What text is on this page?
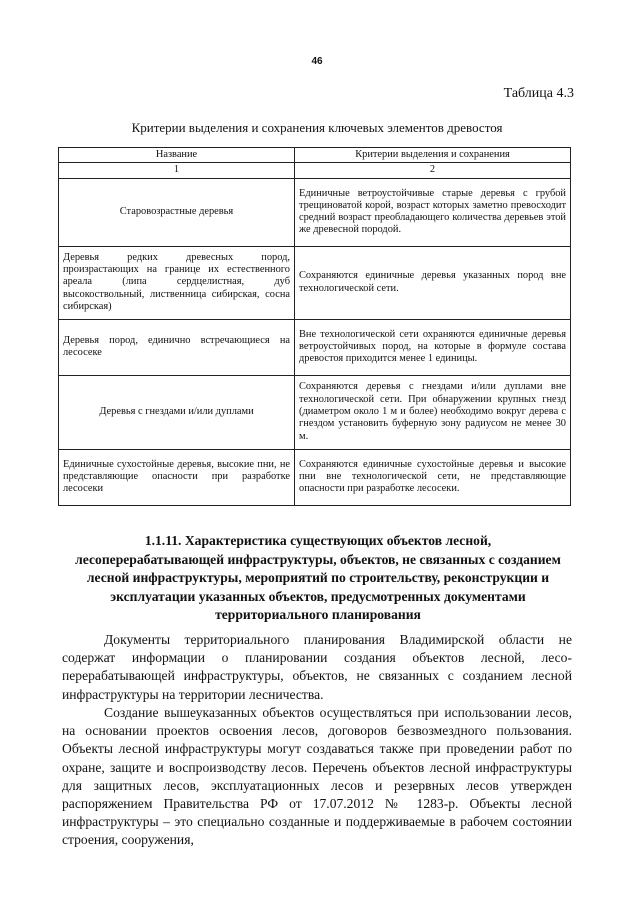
46
Таблица 4.3
Критерии выделения и сохранения ключевых элементов древостоя
Название	Критерии выделения и сохранения
1	2
Старовозрастные деревья	Единичные ветроустойчивые старые деревья с грубой трещиноватой корой, возраст которых заметно превосходит средний возраст преобладающего количества деревьев этой же древесной породой.
Деревья редких древесных пород, произрастающих на границе их естественного ареала (липа сердцелистная, дуб высокоствольный, лиственница сибирская, сосна сибирская)	Сохраняются единичные деревья указанных пород вне технологической сети.
Деревья пород, единично встречающиеся на лесосеке	Вне технологической сети охраняются единичные деревья ветроустойчивых пород, на которые в формуле состава древостоя приходится менее 1 единицы.
Деревья с гнездами и/или дуплами	Сохраняются деревья с гнездами и/или дуплами вне технологической сети. При обнаружении крупных гнезд (диаметром около 1 м и более) необходимо вокруг дерева с гнездом установить буферную зону радиусом не менее 30 м.
Единичные сухостойные деревья, высокие пни, не представляющие опасности при разработке лесосеки	Сохраняются единичные сухостойные деревья и высокие пни вне технологической сети, не представляющие опасности при разработке лесосеки.
1.1.11. Характеристика существующих объектов лесной, лесоперерабатывающей инфраструктуры, объектов, не связанных с созданием лесной инфраструктуры, мероприятий по строительству, реконструкции и эксплуатации указанных объектов, предусмотренных документами территориального планирования

Документы территориального планирования Владимирской области не содержат информации о планировании создания объектов лесной, лесо-перерабатывающей инфраструктуры, объектов, не связанных с созданием лесной инфраструктуры на территории лесничества.

Создание вышеуказанных объектов осуществляться при использовании лесов, на основании проектов освоения лесов, договоров безвозмездного пользования. Объекты лесной инфраструктуры могут создаваться также при проведении работ по охране, защите и воспроизводству лесов. Перечень объектов лесной инфраструктуры для защитных лесов, эксплуатационных лесов и резервных лесов утвержден распоряжением Правительства РФ от 17.07.2012 № 1283-р. Объекты лесной инфраструктуры – это специально созданные и поддерживаемые в рабочем состоянии строения, сооружения,
